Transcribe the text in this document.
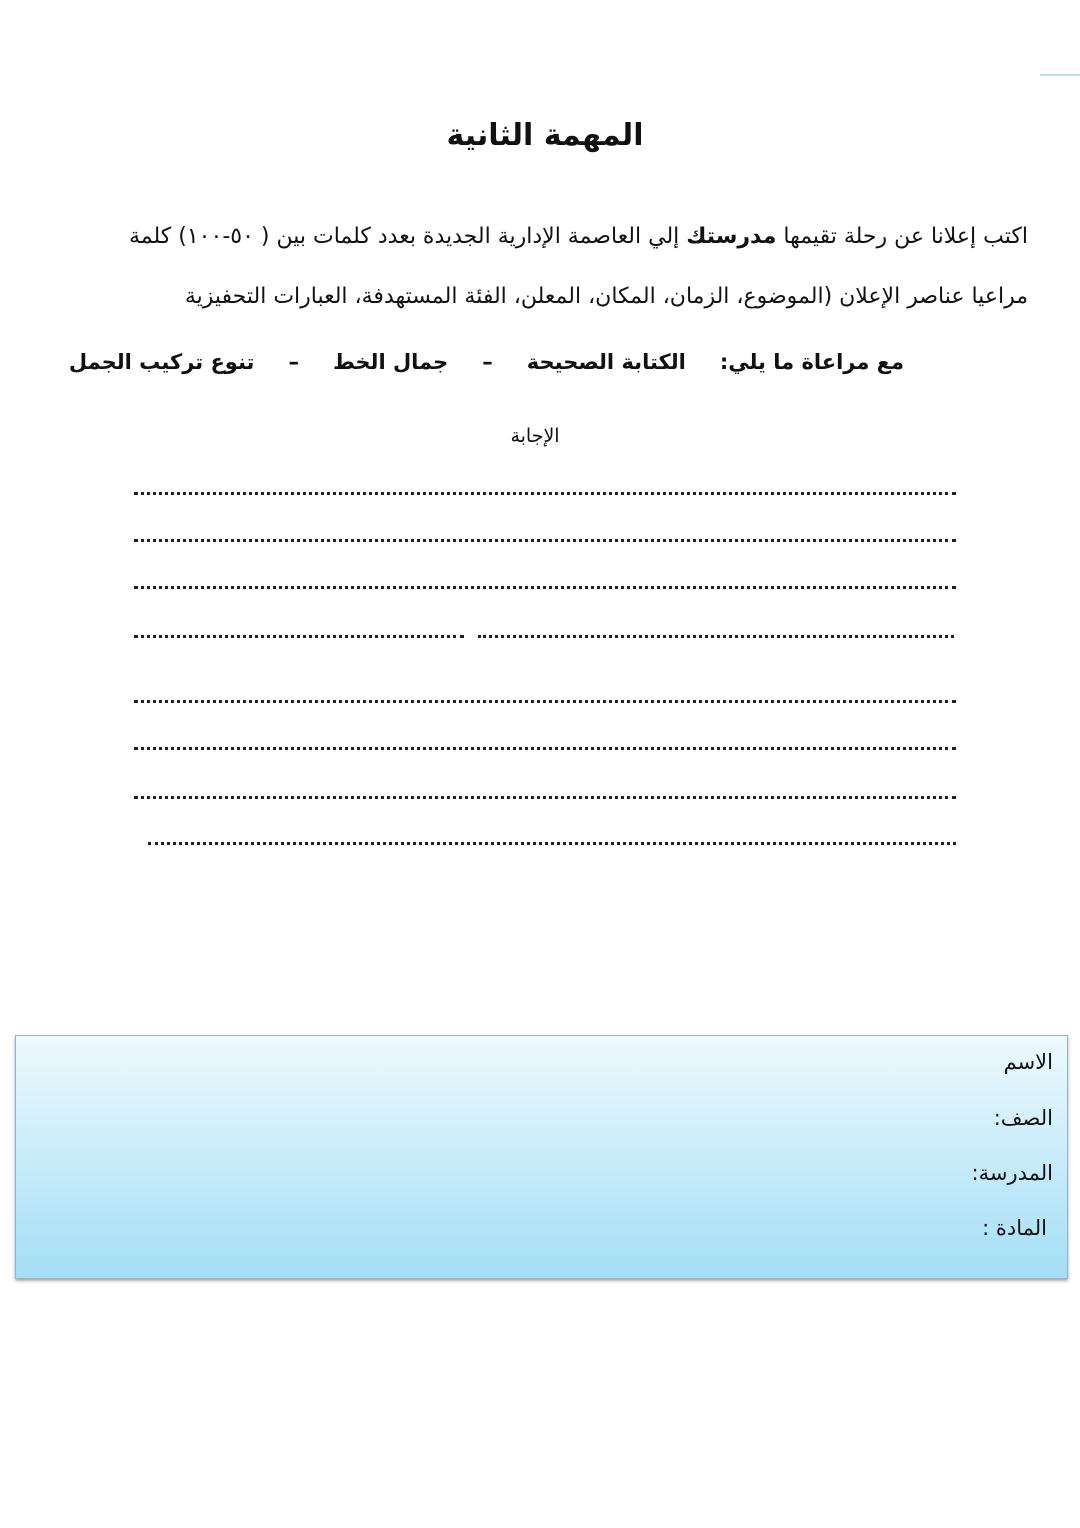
المهمة الثانية
اكتب إعلانا عن رحلة تقيمها مدرستك إلي العاصمة الإدارية الجديدة بعدد كلمات بين ( ٥٠-١٠٠) كلمة
مراعيا عناصر الإعلان (الموضوع، الزمان، المكان، المعلن، الفئة المستهدفة، العبارات التحفيزية
مع مراعاة ما يلي:الكتابة الصحيحة–جمال الخط–تنوع تركيب الجمل
الإجابة
الاسم
الصف:
المدرسة:
المادة :
